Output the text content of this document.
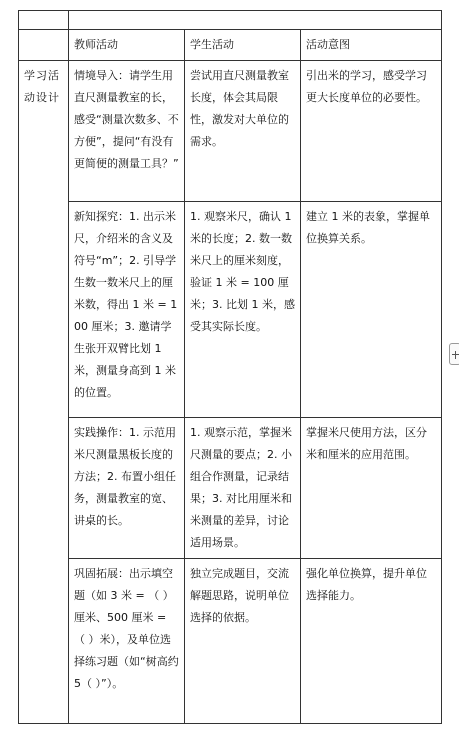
	教师活动	学生活动	活动意图
学习活动设计	情境导入：请学生用直尺测量教室的长，感受“测量次数多、不方便”，提问“有没有更简便的测量工具？”	尝试用直尺测量教室长度，体会其局限性，激发对大单位的需求。	引出米的学习，感受学习更大长度单位的必要性。
	新知探究：1. 出示米尺，介绍米的含义及符号“m”；2. 引导学生数一数米尺上的厘米数，得出 1 米 = 100 厘米；3. 邀请学生张开双臂比划 1 米，测量身高到 1 米的位置。	1. 观察米尺，确认 1 米的长度；2. 数一数米尺上的厘米刻度，验证 1 米 = 100 厘米；3. 比划 1 米，感受其实际长度。	建立 1 米的表象，掌握单位换算关系。
	实践操作：1. 示范用米尺测量黑板长度的方法；2. 布置小组任务，测量教室的宽、讲桌的长。	1. 观察示范，掌握米尺测量的要点；2. 小组合作测量，记录结果；3. 对比用厘米和米测量的差异，讨论适用场景。	掌握米尺使用方法，区分米和厘米的应用范围。
	巩固拓展：出示填空题（如 3 米 = （ ）厘米、500 厘米 = （ ）米），及单位选择练习题（如“树高约 5（ ）”）。	独立完成题目，交流解题思路，说明单位选择的依据。	强化单位换算，提升单位选择能力。
